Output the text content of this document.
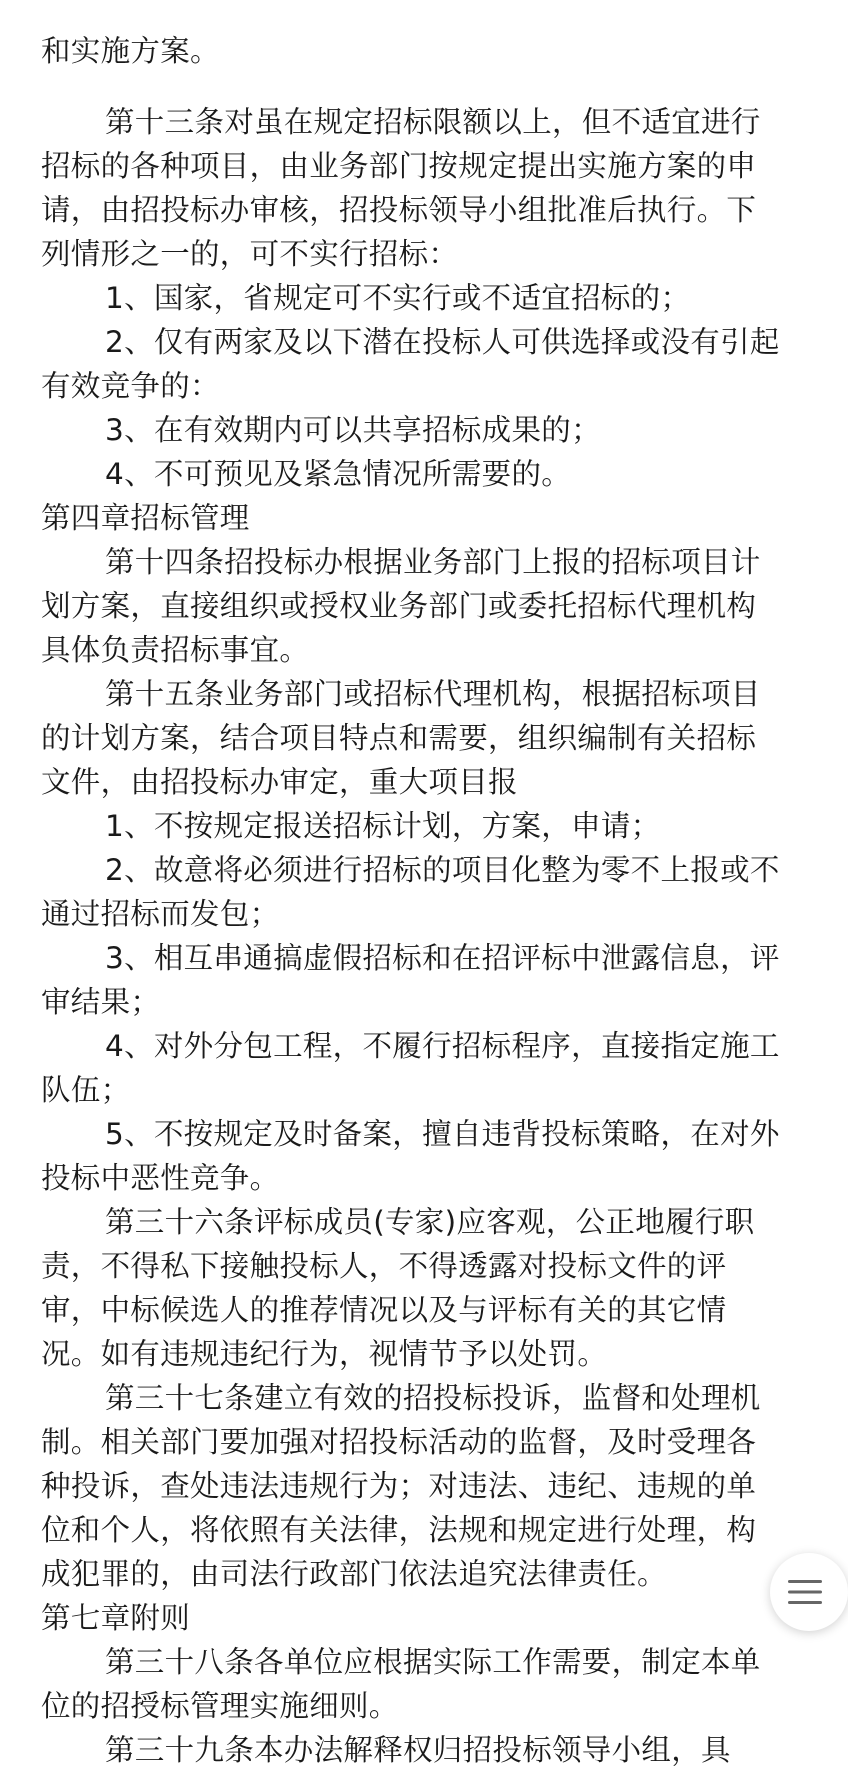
和实施方案。

第十三条对虽在规定招标限额以上，但不适宜进行招标的各种项目，由业务部门按规定提出实施方案的申请，由招投标办审核，招投标领导小组批准后执行。下列情形之一的，可不实行招标：

1、国家，省规定可不实行或不适宜招标的；

2、仅有两家及以下潜在投标人可供选择或没有引起有效竞争的：

3、在有效期内可以共享招标成果的；

4、不可预见及紧急情况所需要的。

第四章招标管理

第十四条招投标办根据业务部门上报的招标项目计划方案，直接组织或授权业务部门或委托招标代理机构具体负责招标事宜。

第十五条业务部门或招标代理机构，根据招标项目的计划方案，结合项目特点和需要，组织编制有关招标文件，由招投标办审定，重大项目报

1、不按规定报送招标计划，方案，申请；

2、故意将必须进行招标的项目化整为零不上报或不通过招标而发包；

3、相互串通搞虚假招标和在招评标中泄露信息，评审结果；

4、对外分包工程，不履行招标程序，直接指定施工队伍；

5、不按规定及时备案，擅自违背投标策略，在对外投标中恶性竞争。

第三十六条评标成员(专家)应客观，公正地履行职责，不得私下接触投标人，不得透露对投标文件的评审，中标候选人的推荐情况以及与评标有关的其它情况。如有违规违纪行为，视情节予以处罚。

第三十七条建立有效的招投标投诉，监督和处理机制。相关部门要加强对招投标活动的监督，及时受理各种投诉，查处违法违规行为；对违法、违纪、违规的单位和个人，将依照有关法律，法规和规定进行处理，构成犯罪的，由司法行政部门依法追究法律责任。

第七章附则

第三十八条各单位应根据实际工作需要，制定本单位的招授标管理实施细则。

第三十九条本办法解释权归招投标领导小组，具
